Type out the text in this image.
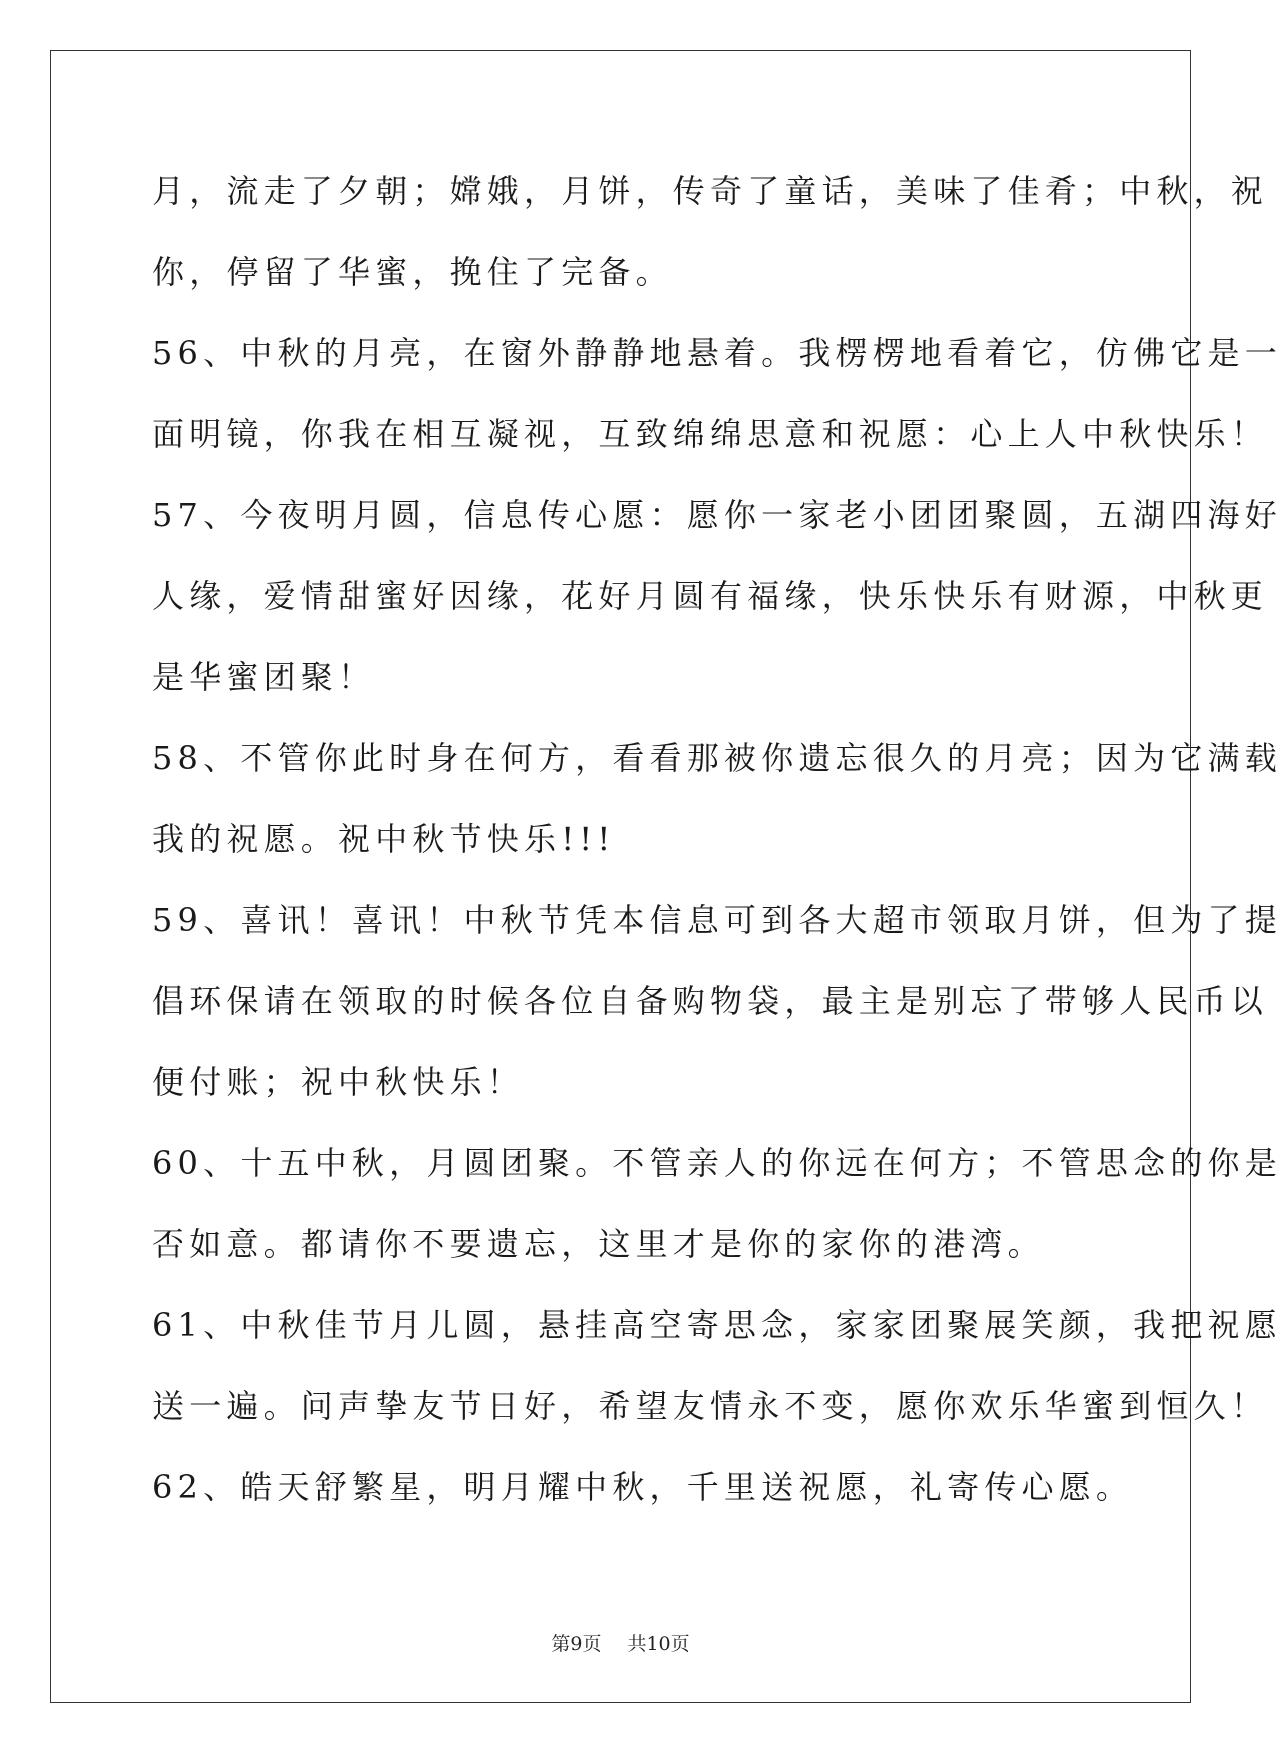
月，流走了夕朝；嫦娥，月饼，传奇了童话，美味了佳肴；中秋，祝
你，停留了华蜜，挽住了完备。
56、中秋的月亮，在窗外静静地悬着。我楞楞地看着它，仿佛它是一
面明镜，你我在相互凝视，互致绵绵思意和祝愿：心上人中秋快乐！
57、今夜明月圆，信息传心愿：愿你一家老小团团聚圆，五湖四海好
人缘，爱情甜蜜好因缘，花好月圆有福缘，快乐快乐有财源，中秋更
是华蜜团聚！
58、不管你此时身在何方，看看那被你遗忘很久的月亮；因为它满载
我的祝愿。祝中秋节快乐!!!
59、喜讯！喜讯！中秋节凭本信息可到各大超市领取月饼，但为了提
倡环保请在领取的时候各位自备购物袋，最主是别忘了带够人民币以
便付账；祝中秋快乐！
60、十五中秋，月圆团聚。不管亲人的你远在何方；不管思念的你是
否如意。都请你不要遗忘，这里才是你的家你的港湾。
61、中秋佳节月儿圆，悬挂高空寄思念，家家团聚展笑颜，我把祝愿
送一遍。问声挚友节日好，希望友情永不变，愿你欢乐华蜜到恒久！
62、皓天舒繁星，明月耀中秋，千里送祝愿，礼寄传心愿。
第9页 共10页
